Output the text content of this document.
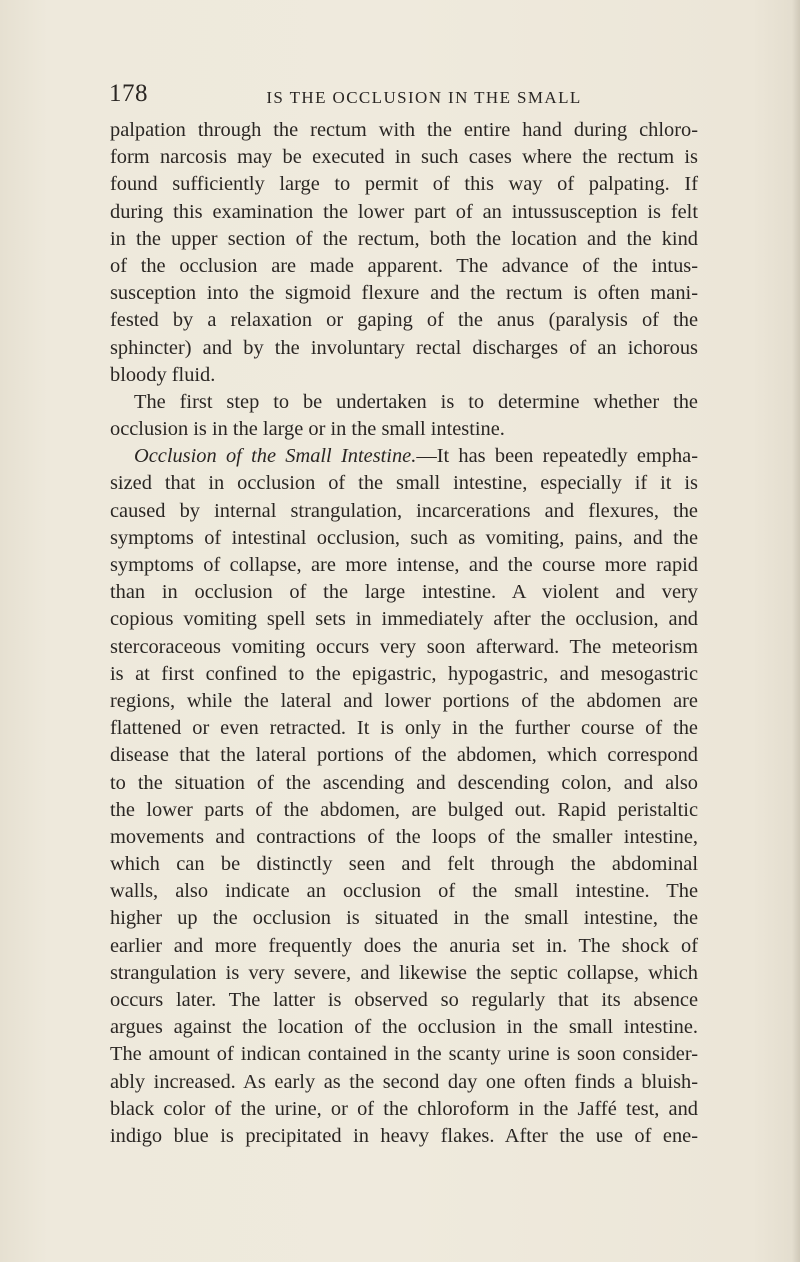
178	IS THE OCCLUSION IN THE SMALL
palpation through the rectum with the entire hand during chloro-
form narcosis may be executed in such cases where the rectum is
found sufficiently large to permit of this way of palpating. If
during this examination the lower part of an intussusception is felt
in the upper section of the rectum, both the location and the kind
of the occlusion are made apparent. The advance of the intus-
susception into the sigmoid flexure and the rectum is often mani-
fested by a relaxation or gaping of the anus (paralysis of the
sphincter) and by the involuntary rectal discharges of an ichorous
bloody fluid.
The first step to be undertaken is to determine whether the
occlusion is in the large or in the small intestine.
Occlusion of the Small Intestine.—It has been repeatedly empha-
sized that in occlusion of the small intestine, especially if it is
caused by internal strangulation, incarcerations and flexures, the
symptoms of intestinal occlusion, such as vomiting, pains, and the
symptoms of collapse, are more intense, and the course more rapid
than in occlusion of the large intestine. A violent and very
copious vomiting spell sets in immediately after the occlusion, and
stercoraceous vomiting occurs very soon afterward. The meteorism
is at first confined to the epigastric, hypogastric, and mesogastric
regions, while the lateral and lower portions of the abdomen are
flattened or even retracted. It is only in the further course of the
disease that the lateral portions of the abdomen, which correspond
to the situation of the ascending and descending colon, and also
the lower parts of the abdomen, are bulged out. Rapid peristaltic
movements and contractions of the loops of the smaller intestine,
which can be distinctly seen and felt through the abdominal
walls, also indicate an occlusion of the small intestine. The
higher up the occlusion is situated in the small intestine, the
earlier and more frequently does the anuria set in. The shock of
strangulation is very severe, and likewise the septic collapse, which
occurs later. The latter is observed so regularly that its absence
argues against the location of the occlusion in the small intestine.
The amount of indican contained in the scanty urine is soon consider-
ably increased. As early as the second day one often finds a bluish-
black color of the urine, or of the chloroform in the Jaffé test, and
indigo blue is precipitated in heavy flakes. After the use of ene-
